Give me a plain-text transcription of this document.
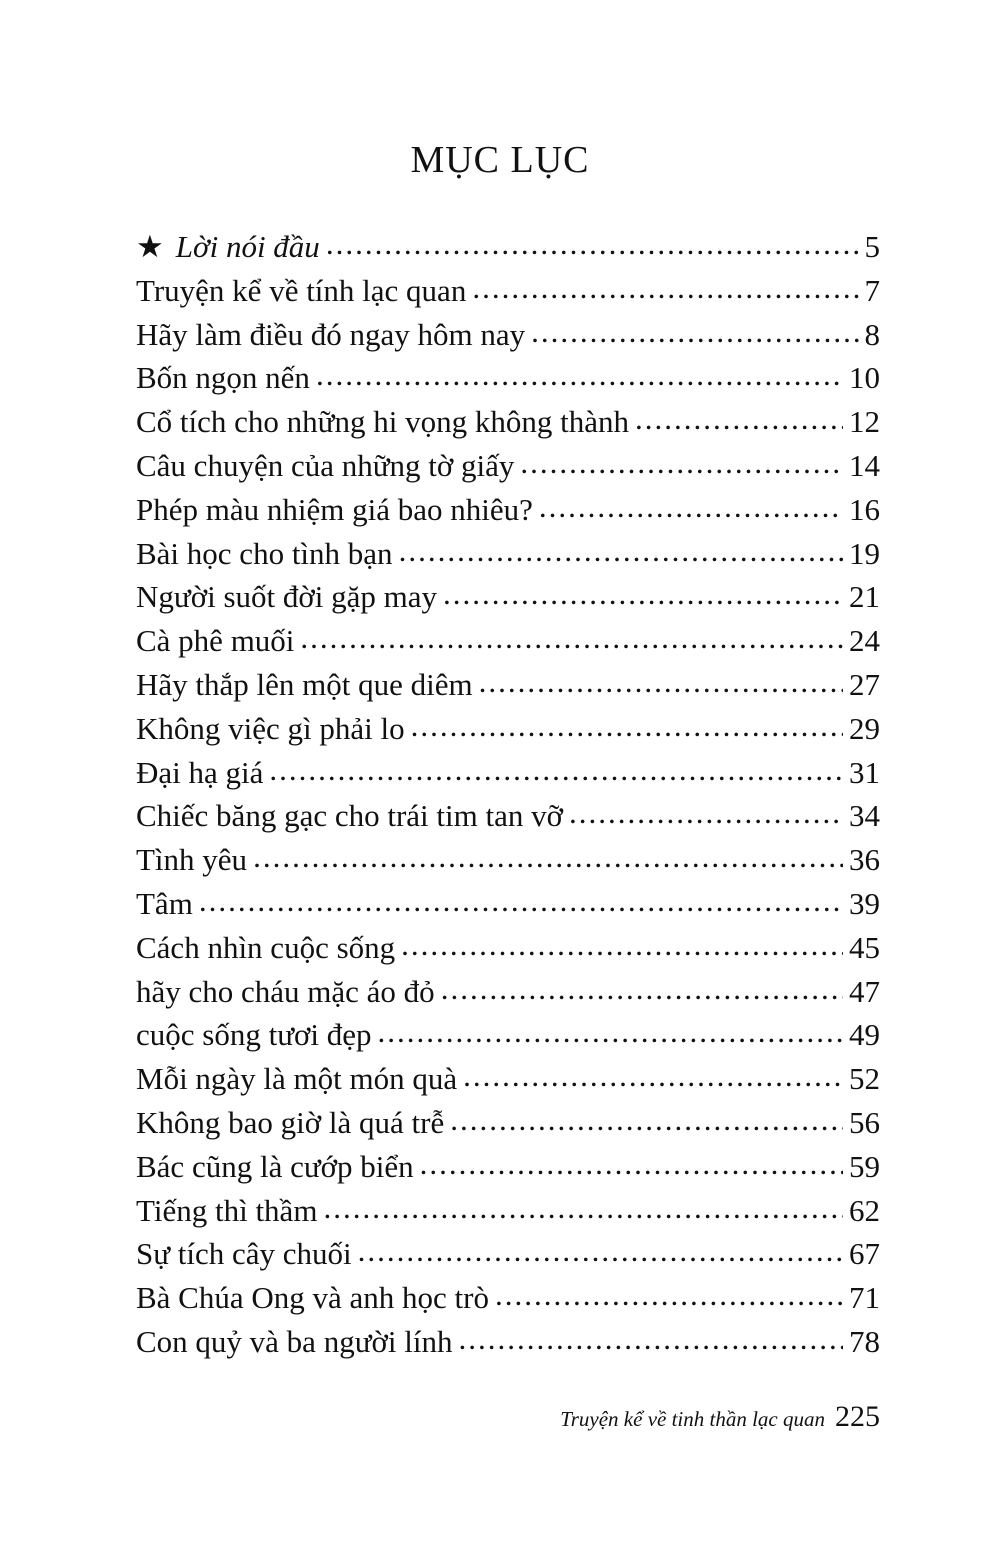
MỤC LỤC
★ Lời nói đầu .....	5
Truyện kể về tính lạc quan .....	7
Hãy làm điều đó ngay hôm nay .....	8
Bốn ngọn nến .....	10
Cổ tích cho những hi vọng không thành .....	12
Câu chuyện của những tờ giấy .....	14
Phép màu nhiệm giá bao nhiêu? .....	16
Bài học cho tình bạn .....	19
Người suốt đời gặp may .....	21
Cà phê muối .....	24
Hãy thắp lên một que diêm .....	27
Không việc gì phải lo .....	29
Đại hạ giá .....	31
Chiếc băng gạc cho trái tim tan vỡ .....	34
Tình yêu .....	36
Tâm .....	39
Cách nhìn cuộc sống .....	45
hãy cho cháu mặc áo đỏ .....	47
cuộc sống tươi đẹp .....	49
Mỗi ngày là một món quà .....	52
Không bao giờ là quá trễ .....	56
Bác cũng là cướp biển .....	59
Tiếng thì thầm .....	62
Sự tích cây chuối .....	67
Bà Chúa Ong và anh học trò .....	71
Con quỷ và ba người lính .....	78
Truyện kể về tinh thần lạc quan 225
